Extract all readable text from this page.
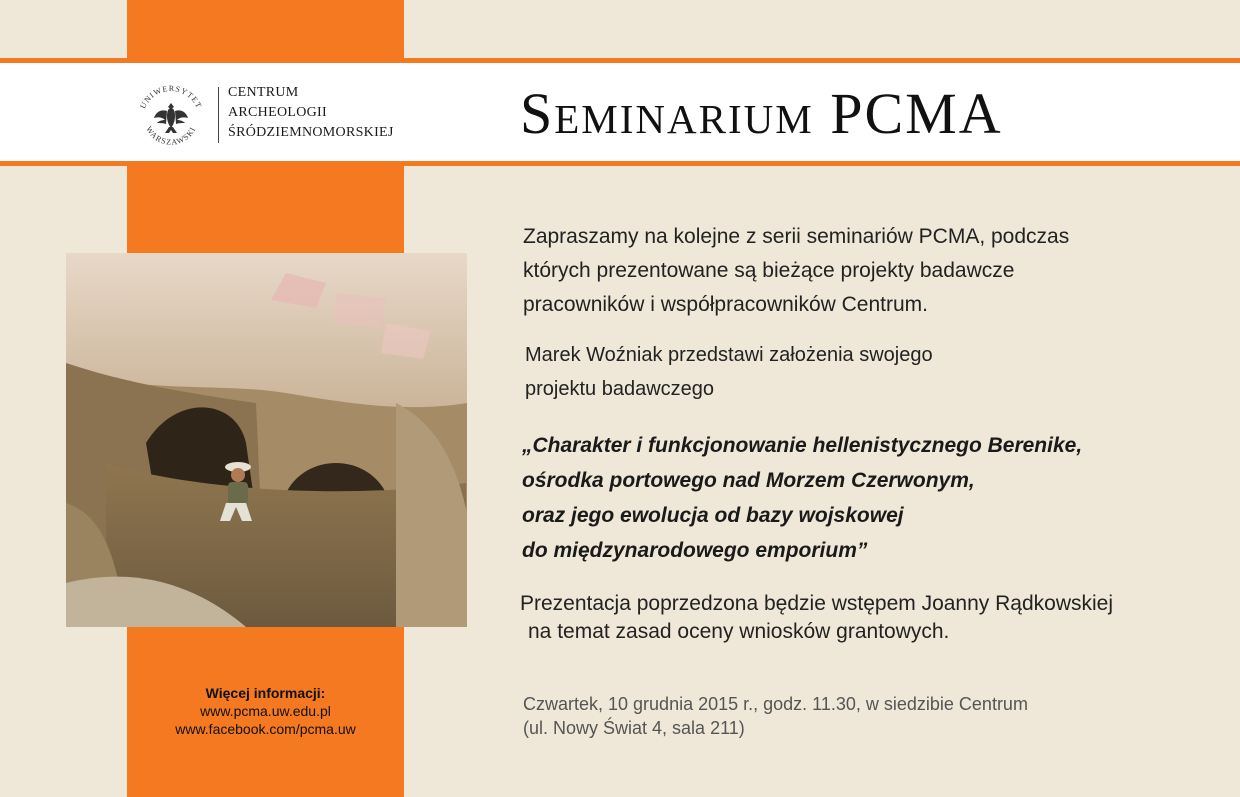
UNIWERSYTET
WARSZAWSKI
CENTRUM
ARCHEOLOGII
ŚRÓDZIEMNOMORSKIEJ Seminarium PCMA
Więcej informacji:
www.pcma.uw.edu.pl
www.facebook.com/pcma.uw
Zapraszamy na kolejne z serii seminariów PCMA, podczas
których prezentowane są bieżące projekty badawcze
pracowników i współpracowników Centrum.
Marek Woźniak przedstawi założenia swojego
projektu badawczego
„Charakter i funkcjonowanie hellenistycznego Berenike,
ośrodka portowego nad Morzem Czerwonym,
oraz jego ewolucja od bazy wojskowej
do międzynarodowego emporium”
Prezentacja poprzedzona będzie wstępem Joanny Rądkowskiej
na temat zasad oceny wniosków grantowych.
Czwartek, 10 grudnia 2015 r., godz. 11.30, w siedzibie Centrum
(ul. Nowy Świat 4, sala 211)
